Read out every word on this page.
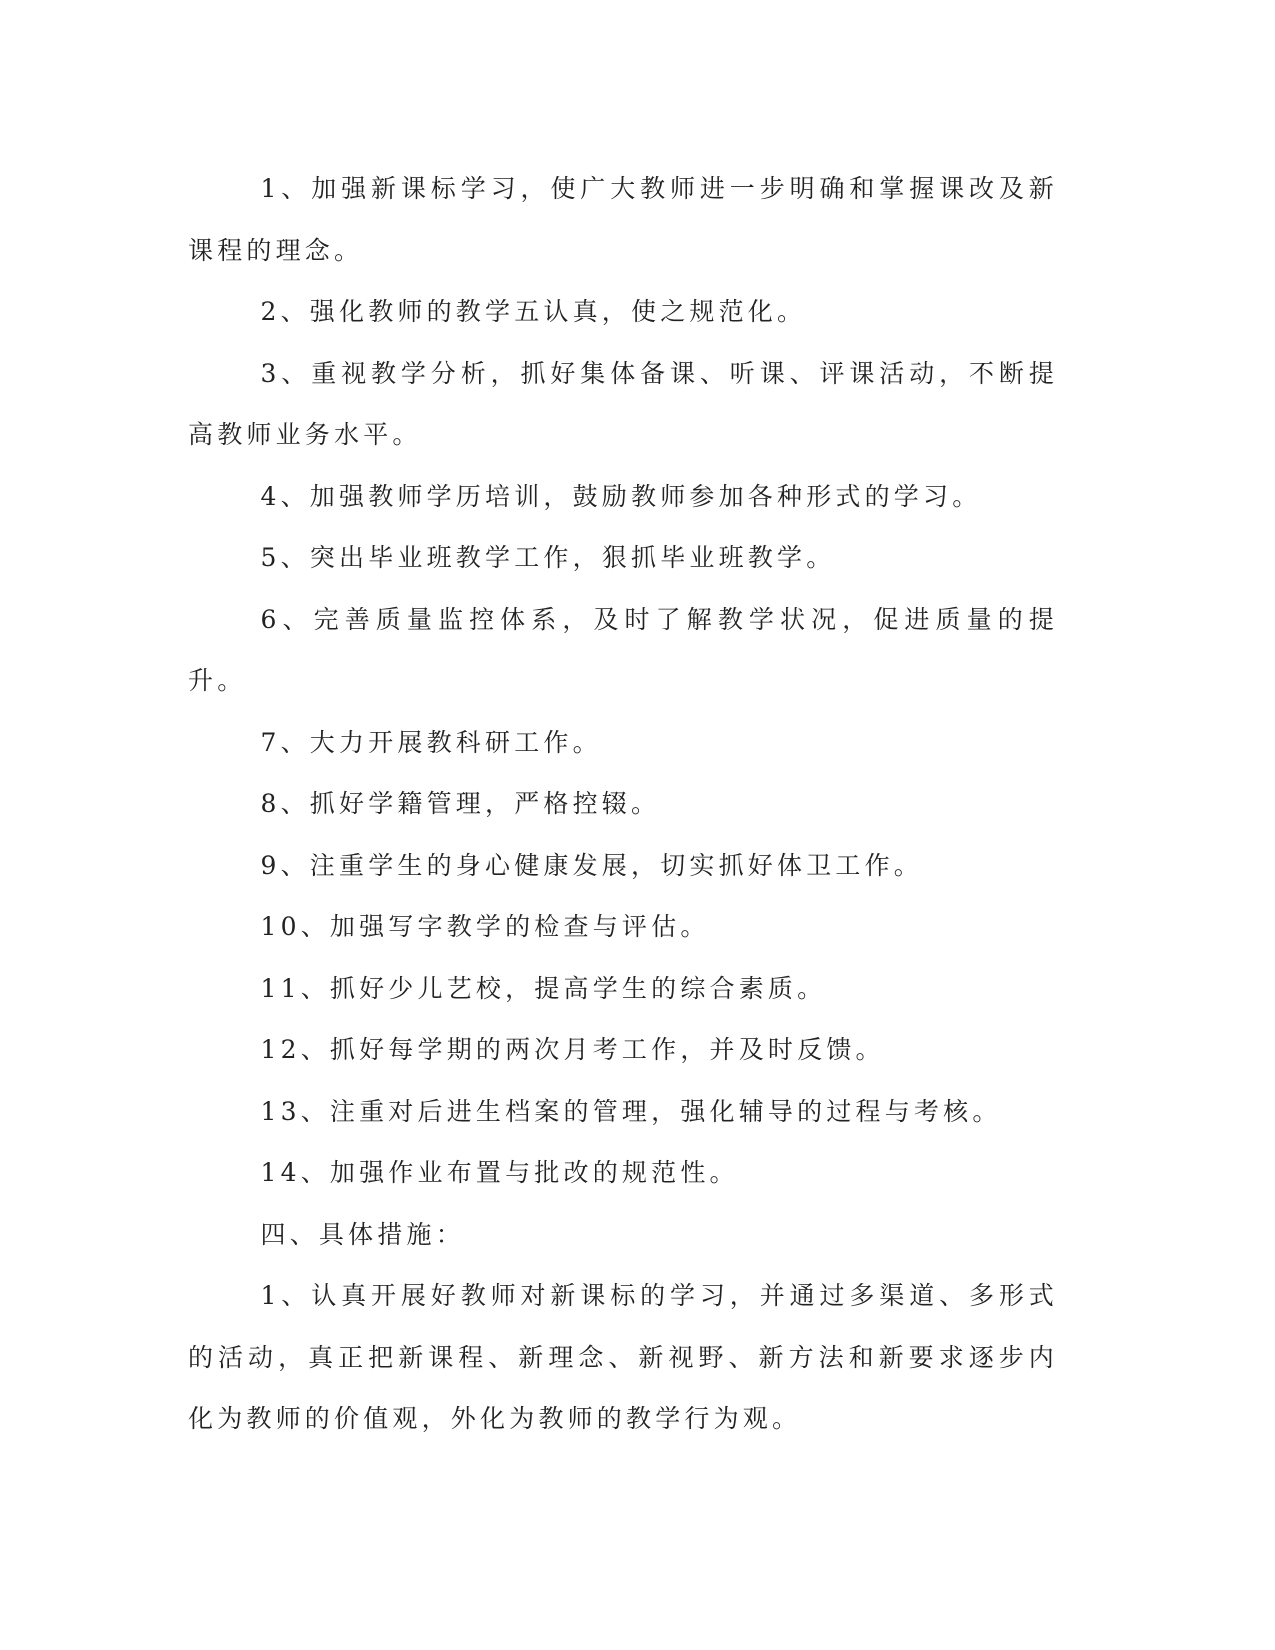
1、加强新课标学习，使广大教师进一步明确和掌握课改及新课程的理念。

2、强化教师的教学五认真，使之规范化。

3、重视教学分析，抓好集体备课、听课、评课活动，不断提高教师业务水平。

4、加强教师学历培训，鼓励教师参加各种形式的学习。

5、突出毕业班教学工作，狠抓毕业班教学。

6、完善质量监控体系，及时了解教学状况，促进质量的提升。

7、大力开展教科研工作。

8、抓好学籍管理，严格控辍。

9、注重学生的身心健康发展，切实抓好体卫工作。

10、加强写字教学的检查与评估。

11、抓好少儿艺校，提高学生的综合素质。

12、抓好每学期的两次月考工作，并及时反馈。

13、注重对后进生档案的管理，强化辅导的过程与考核。

14、加强作业布置与批改的规范性。

四、具体措施：

1、认真开展好教师对新课标的学习，并通过多渠道、多形式的活动，真正把新课程、新理念、新视野、新方法和新要求逐步内化为教师的价值观，外化为教师的教学行为观。
